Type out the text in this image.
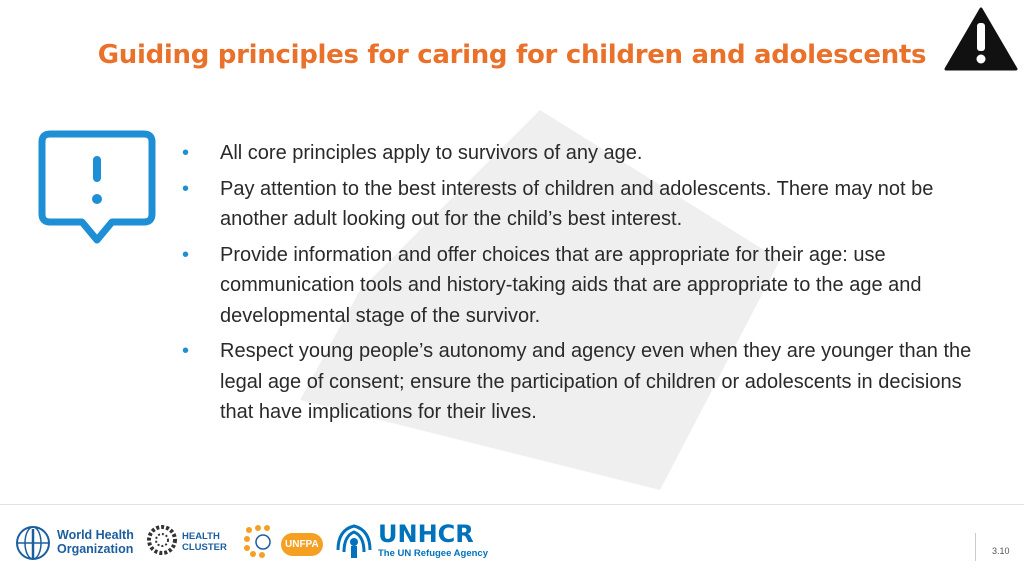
Guiding principles for caring for children and adolescents
• All core principles apply to survivors of any age.
• Pay attention to the best interests of children and adolescents. There may not be another adult looking out for the child’s best interest.
• Provide information and offer choices that are appropriate for their age: use communication tools and history-taking aids that are appropriate to the age and developmental stage of the survivor.
• Respect young people’s autonomy and agency even when they are younger than the legal age of consent; ensure the participation of children or adolescents in decisions that have implications for their lives.
World Health
Organization
HEALTH
CLUSTER	UNFPA UNHCR
The UN Refugee Agency	3.10
